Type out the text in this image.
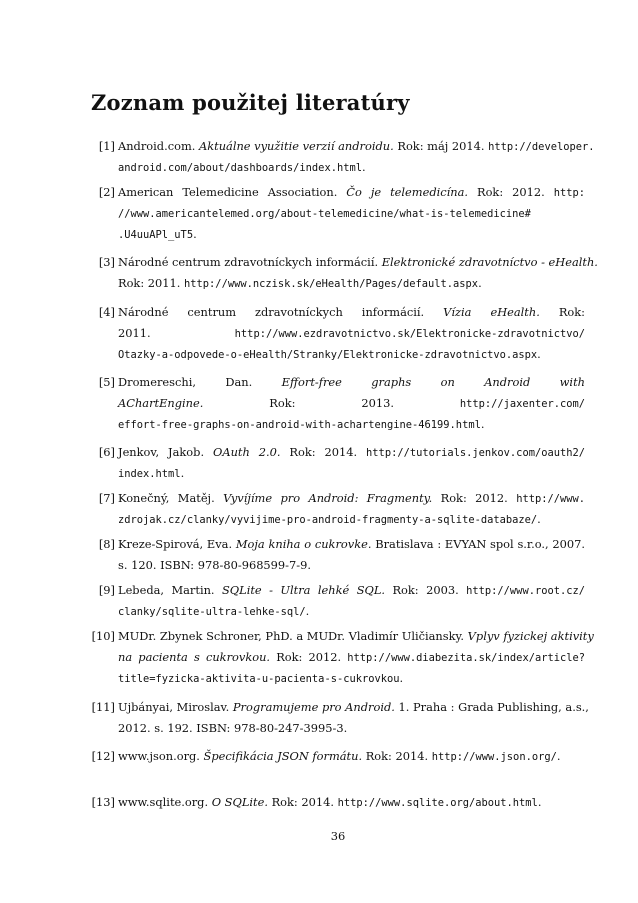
Zoznam použitej literatúry
[1] Android.com. Aktuálne využitie verzií androidu. Rok: máj 2014. http://developer.
android.com/about/dashboards/index.html.
[2] American Telemedicine Association. Čo je telemedicína. Rok: 2012. http:
//www.americantelemed.org/about-telemedicine/what-is-telemedicine#
.U4uuAPl_uT5.
[3] Národné centrum zdravotníckych informácií. Elektronické zdravotníctvo - eHealth.
Rok: 2011. http://www.nczisk.sk/eHealth/Pages/default.aspx.
[4] Národné centrum zdravotníckych informácií. Vízia eHealth. Rok:
2011. http://www.ezdravotnictvo.sk/Elektronicke-zdravotnictvo/
Otazky-a-odpovede-o-eHealth/Stranky/Elektronicke-zdravotnictvo.aspx.
[5] Dromereschi, Dan. Effort-free graphs on Android with
AChartEngine. Rok: 2013. http://jaxenter.com/
effort-free-graphs-on-android-with-achartengine-46199.html.
[6] Jenkov, Jakob. OAuth 2.0. Rok: 2014. http://tutorials.jenkov.com/oauth2/
index.html.
[7] Konečný, Matěj. Vyvíjíme pro Android: Fragmenty. Rok: 2012. http://www.
zdrojak.cz/clanky/vyvijime-pro-android-fragmenty-a-sqlite-databaze/.
[8] Kreze-Spirová, Eva. Moja kniha o cukrovke. Bratislava : EVYAN spol s.r.o., 2007.
s. 120. ISBN: 978-80-968599-7-9.
[9] Lebeda, Martin. SQLite - Ultra lehké SQL. Rok: 2003. http://www.root.cz/
clanky/sqlite-ultra-lehke-sql/.
[10] MUDr. Zbynek Schroner, PhD. a MUDr. Vladimír Uličiansky. Vplyv fyzickej aktivity
na pacienta s cukrovkou. Rok: 2012. http://www.diabezita.sk/index/article?
title=fyzicka-aktivita-u-pacienta-s-cukrovkou.
[11] Ujbányai, Miroslav. Programujeme pro Android. 1. Praha : Grada Publishing, a.s.,
2012. s. 192. ISBN: 978-80-247-3995-3.
[12] www.json.org. Špecifikácia JSON formátu. Rok: 2014. http://www.json.org/.
[13] www.sqlite.org. O SQLite. Rok: 2014. http://www.sqlite.org/about.html.
36
